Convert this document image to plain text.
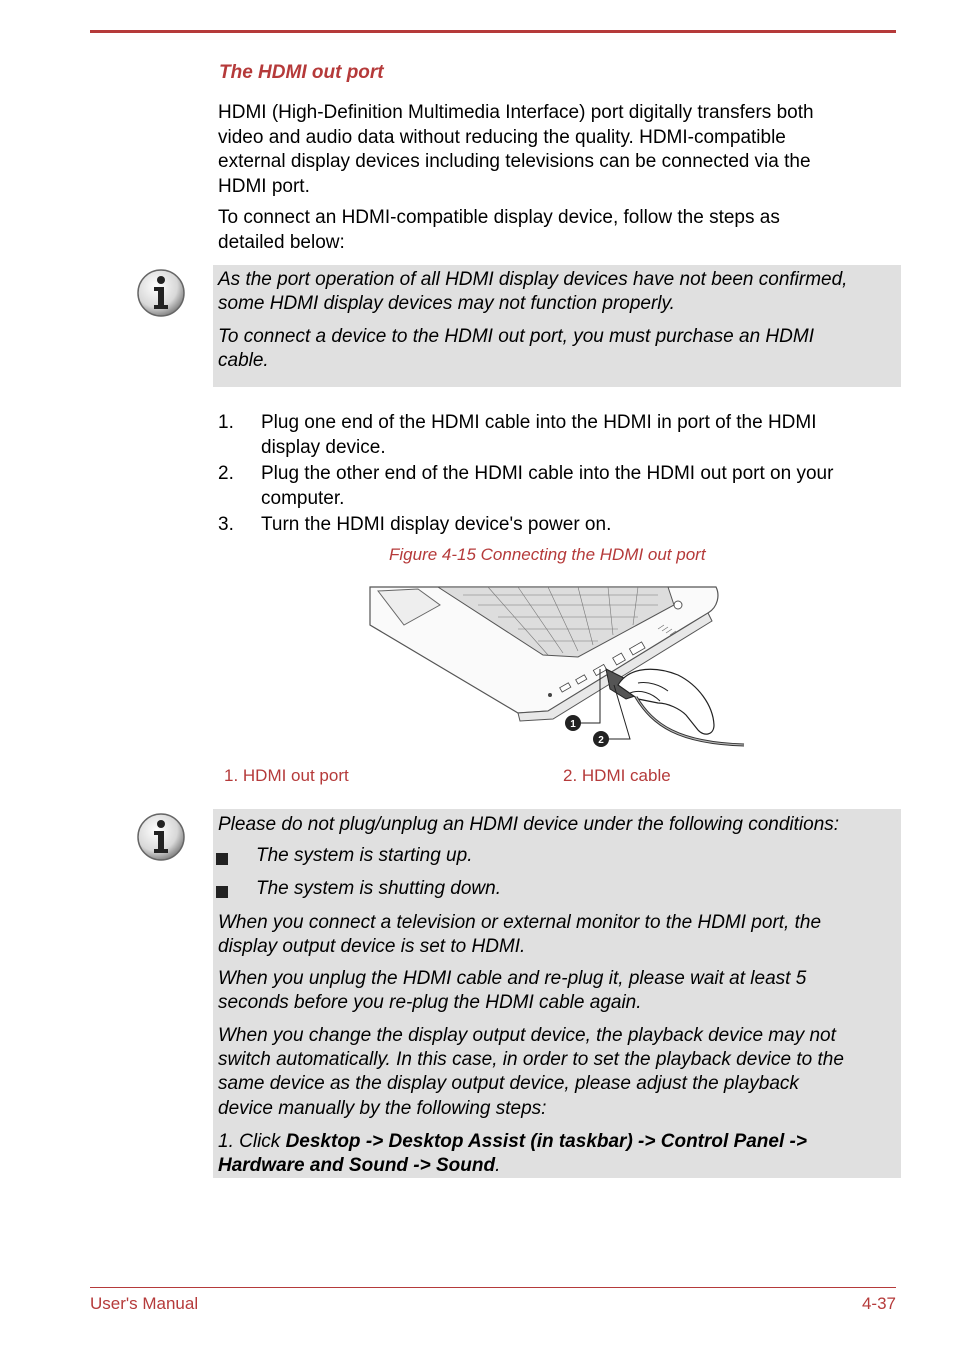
The HDMI out port
HDMI (High-Definition Multimedia Interface) port digitally transfers both
video and audio data without reducing the quality. HDMI-compatible
external display devices including televisions can be connected via the
HDMI port.
To connect an HDMI-compatible display device, follow the steps as
detailed below:

As the port operation of all HDMI display devices have not been confirmed,

some HDMI display devices may not function properly.

To connect a device to the HDMI out port, you must purchase an HDMI

cable.

1. Plug one end of the HDMI cable into the HDMI in port of the HDMI
display device.
2. Plug the other end of the HDMI cable into the HDMI out port on your
computer.
3. Turn the HDMI display device's power on.
Figure 4-15 Connecting the HDMI out port
1
2
1. HDMI out port	2. HDMI cable

Please do not plug/unplug an HDMI device under the following conditions:

The system is starting up.
The system is shutting down.

When you connect a television or external monitor to the HDMI port, the

display output device is set to HDMI.

When you unplug the HDMI cable and re-plug it, please wait at least 5

seconds before you re-plug the HDMI cable again.

When you change the display output device, the playback device may not

switch automatically. In this case, in order to set the playback device to the

same device as the display output device, please adjust the playback

device manually by the following steps:

1. Click Desktop -> Desktop Assist (in taskbar) -> Control Panel ->

Hardware and Sound -> Sound.

User's Manual	4-37
